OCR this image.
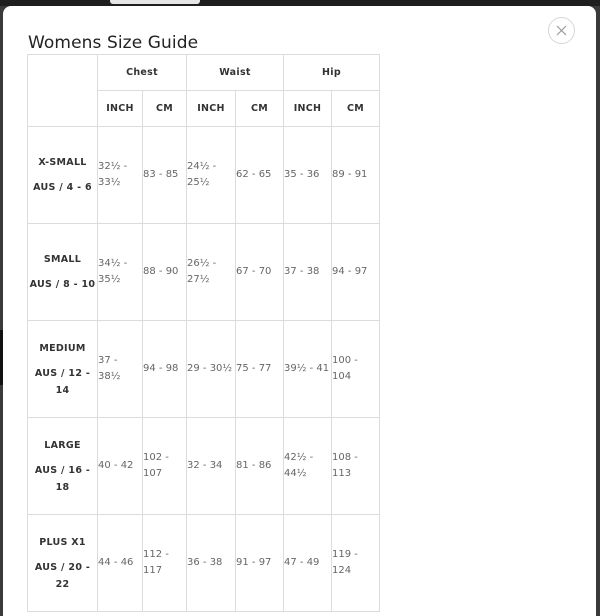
Womens Size Guide
	Chest		Waist		Hip	
	INCH	CM	INCH	CM	INCH	CM
X-SMALL
AUS / 4 - 6	32½ - 33½	83 - 85	24½ - 25½	62 - 65	35 - 36	89 - 91
SMALL
AUS / 8 - 10	34½ - 35½	88 - 90	26½ - 27½	67 - 70	37 - 38	94 - 97
MEDIUM
AUS / 12 - 14	37 - 38½	94 - 98	29 - 30½	75 - 77	39½ - 41	100 - 104
LARGE
AUS / 16 - 18	40 - 42	102 - 107	32 - 34	81 - 86	42½ - 44½	108 - 113
PLUS X1
AUS / 20 - 22	44 - 46	112 - 117	36 - 38	91 - 97	47 - 49	119 - 124
